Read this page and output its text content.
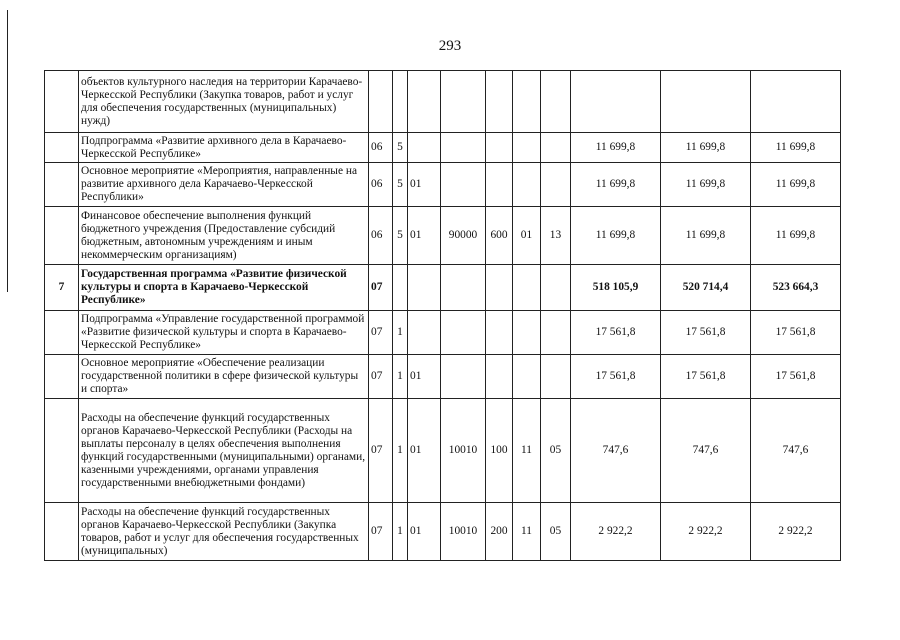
293
	объектов культурного наследия на территории Карачаево-Черкесской Республики (Закупка товаров, работ и услуг для обеспечения государственных (муниципальных) нужд)										
	Подпрограмма «Развитие архивного дела в Карачаево-Черкесской Республике»	06	5						11 699,8	11 699,8	11 699,8
	Основное мероприятие «Мероприятия, направленные на развитие архивного дела Карачаево-Черкесской Республики»	06	5	01					11 699,8	11 699,8	11 699,8
	Финансовое обеспечение выполнения функций бюджетного учреждения (Предоставление субсидий бюджетным, автономным учреждениям и иным некоммерческим организациям)	06	5	01	90000	600	01	13	11 699,8	11 699,8	11 699,8
7	Государственная программа «Развитие физической культуры и спорта в Карачаево-Черкесской Республике»	07							518 105,9	520 714,4	523 664,3
	Подпрограмма «Управление государственной программой «Развитие физической культуры и спорта в Карачаево-Черкесской Республике»	07	1						17 561,8	17 561,8	17 561,8
	Основное мероприятие «Обеспечение реализации государственной политики в сфере физической культуры и спорта»	07	1	01					17 561,8	17 561,8	17 561,8
	Расходы на обеспечение функций государственных органов Карачаево-Черкесской Республики (Расходы на выплаты персоналу в целях обеспечения выполнения функций государственными (муниципальными) органами, казенными учреждениями, органами управления государственными внебюджетными фондами)	07	1	01	10010	100	11	05	747,6	747,6	747,6
	Расходы на обеспечение функций государственных органов Карачаево-Черкесской Республики (Закупка товаров, работ и услуг для обеспечения государственных (муниципальных)	07	1	01	10010	200	11	05	2 922,2	2 922,2	2 922,2
